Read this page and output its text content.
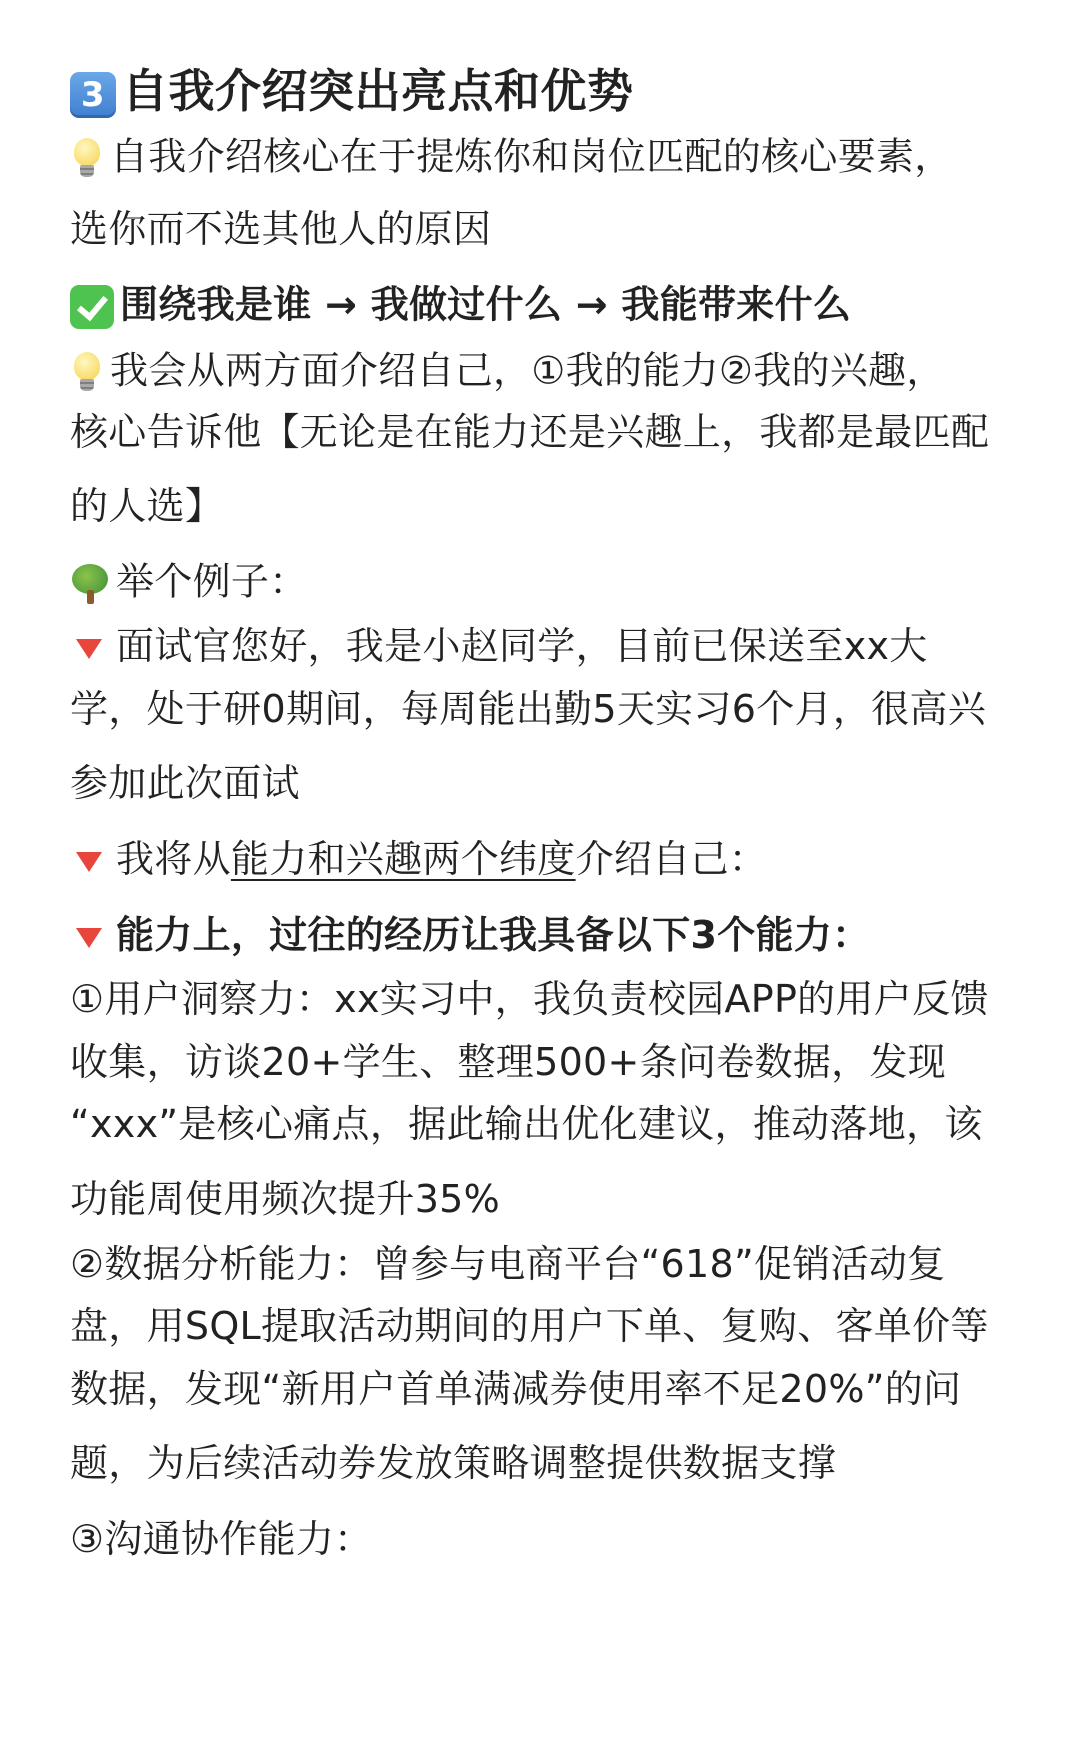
3 自我介绍突出亮点和优势
自我介绍核心在于提炼你和岗位匹配的核心要素，
选你而不选其他人的原因
围绕我是谁 → 我做过什么 → 我能带来什么
我会从两方面介绍自己，①我的能力②我的兴趣，
核心告诉他【无论是在能力还是兴趣上，我都是最匹配
的人选】
举个例子：
面试官您好，我是小赵同学，目前已保送至xx大
学，处于研0期间，每周能出勤5天实习6个月，很高兴
参加此次面试
我将从能力和兴趣两个纬度介绍自己：
能力上，过往的经历让我具备以下3个能力：
①用户洞察力：xx实习中，我负责校园APP的用户反馈
收集，访谈20+学生、整理500+条问卷数据，发现
“xxx”是核心痛点，据此输出优化建议，推动落地，该
功能周使用频次提升35%
②数据分析能力：曾参与电商平台“618”促销活动复
盘，用SQL提取活动期间的用户下单、复购、客单价等
数据，发现“新用户首单满减券使用率不足20%”的问
题，为后续活动券发放策略调整提供数据支撑
③沟通协作能力：
